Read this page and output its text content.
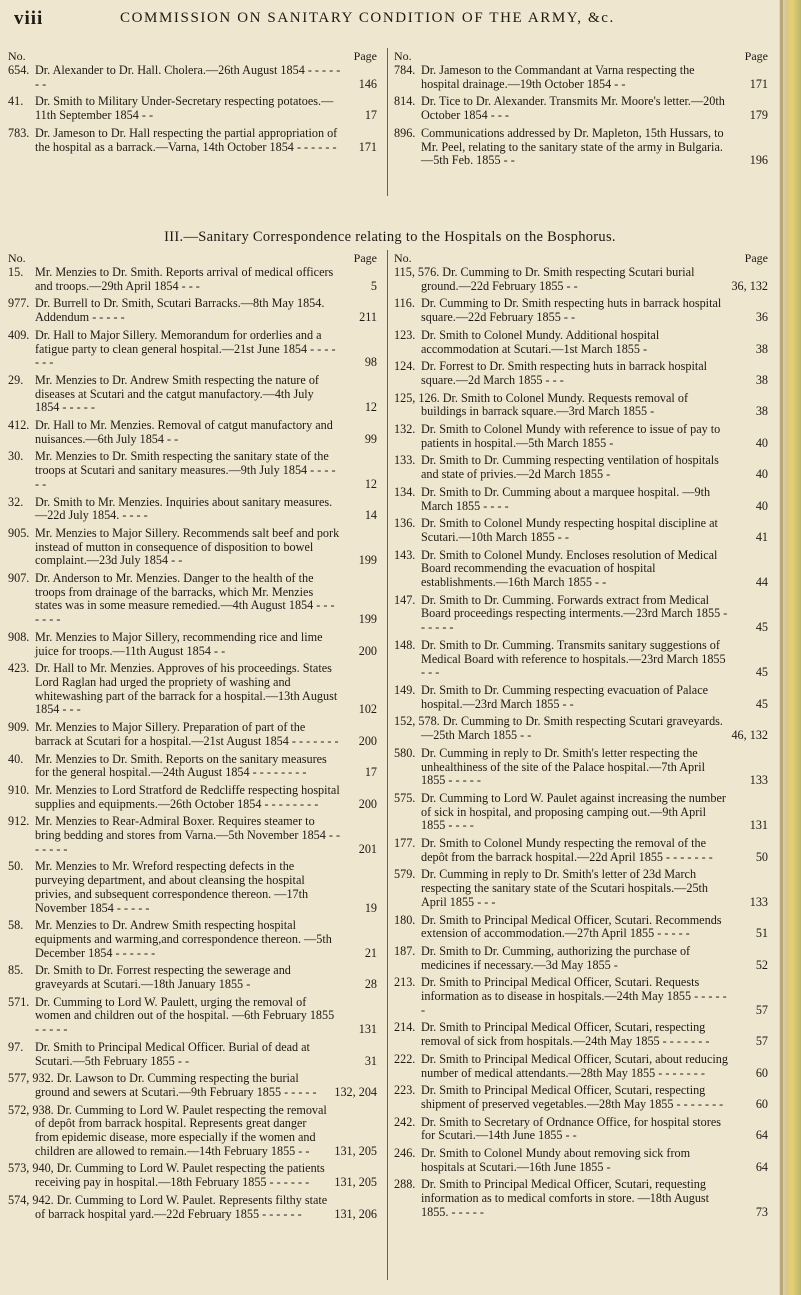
viii	COMMISSION ON SANITARY CONDITION OF THE ARMY, &c.
No.	Page
654. Dr. Alexander to Dr. Hall. Cholera.—26th August 1854 - - - - - - -	146
41. Dr. Smith to Military Under-Secretary respecting potatoes.—11th September 1854 - -	17
783. Dr. Jameson to Dr. Hall respecting the partial appropriation of the hospital as a barrack.—Varna, 14th October 1854 - - - - - -	171
No.	Page
784. Dr. Jameson to the Commandant at Varna respecting the hospital drainage.—19th October 1854 - -	171
814. Dr. Tice to Dr. Alexander. Transmits Mr. Moore's letter.—20th October 1854 - - -	179
896. Communications addressed by Dr. Mapleton, 15th Hussars, to Mr. Peel, relating to the sanitary state of the army in Bulgaria.—5th Feb. 1855 - -	196
III.—Sanitary Correspondence relating to the Hospitals on the Bosphorus.
No.	Page
15. Mr. Menzies to Dr. Smith. Reports arrival of medical officers and troops.—29th April 1854 - - -	5
977. Dr. Burrell to Dr. Smith, Scutari Barracks.—8th May 1854. Addendum - - - - -	211
409. Dr. Hall to Major Sillery. Memorandum for orderlies and a fatigue party to clean general hospital.—21st June 1854 - - - - - - -	98
29. Mr. Menzies to Dr. Andrew Smith respecting the nature of diseases at Scutari and the catgut manufactory.—4th July 1854 - - - - -	12
412. Dr. Hall to Mr. Menzies. Removal of catgut manufactory and nuisances.—6th July 1854 - -	99
30. Mr. Menzies to Dr. Smith respecting the sanitary state of the troops at Scutari and sanitary measures.—9th July 1854 - - - - - -	12
32. Dr. Smith to Mr. Menzies. Inquiries about sanitary measures.—22d July 1854. - - - -	14
905. Mr. Menzies to Major Sillery. Recommends salt beef and pork instead of mutton in consequence of disposition to bowel complaint.—23d July 1854 - -	199
907. Dr. Anderson to Mr. Menzies. Danger to the health of the troops from drainage of the barracks, which Mr. Menzies states was in some measure remedied.—4th August 1854 - - - - - - -	199
908. Mr. Menzies to Major Sillery, recommending rice and lime juice for troops.—11th August 1854 - -	200
423. Dr. Hall to Mr. Menzies. Approves of his proceedings. States Lord Raglan had urged the propriety of washing and whitewashing part of the barrack for a hospital.—13th August 1854 - - -	102
909. Mr. Menzies to Major Sillery. Preparation of part of the barrack at Scutari for a hospital.—21st August 1854 - - - - - - -	200
40. Mr. Menzies to Dr. Smith. Reports on the sanitary measures for the general hospital.—24th August 1854 - - - - - - - -	17
910. Mr. Menzies to Lord Stratford de Redcliffe respecting hospital supplies and equipments.—26th October 1854 - - - - - - - -	200
912. Mr. Menzies to Rear-Admiral Boxer. Requires steamer to bring bedding and stores from Varna.—5th November 1854 - - - - - - -	201
50. Mr. Menzies to Mr. Wreford respecting defects in the purveying department, and about cleansing the hospital privies, and subsequent correspondence thereon. —17th November 1854 - - - - -	19
58. Mr. Menzies to Dr. Andrew Smith respecting hospital equipments and warming,and correspondence thereon. —5th December 1854 - - - - - -	21
85. Dr. Smith to Dr. Forrest respecting the sewerage and graveyards at Scutari.—18th January 1855 -	28
571. Dr. Cumming to Lord W. Paulett, urging the removal of women and children out of the hospital. —6th February 1855 - - - - -	131
97. Dr. Smith to Principal Medical Officer. Burial of dead at Scutari.—5th February 1855 - -	31
577, 932. Dr. Lawson to Dr. Cumming respecting the burial ground and sewers at Scutari.—9th February 1855 - - - - -	132, 204
572, 938. Dr. Cumming to Lord W. Paulet respecting the removal of depôt from barrack hospital. Represents great danger from epidemic disease, more especially if the women and children are allowed to remain.—14th February 1855 - -	131, 205
573, 940, Dr. Cumming to Lord W. Paulet respecting the patients receiving pay in hospital.—18th February 1855 - - - - - -	131, 205
574, 942. Dr. Cumming to Lord W. Paulet. Represents filthy state of barrack hospital yard.—22d February 1855 - - - - - -	131, 206
No.	Page
115, 576. Dr. Cumming to Dr. Smith respecting Scutari burial ground.—22d February 1855 - -	36, 132
116. Dr. Cumming to Dr. Smith respecting huts in barrack hospital square.—22d February 1855 - -	36
123. Dr. Smith to Colonel Mundy. Additional hospital accommodation at Scutari.—1st March 1855 -	38
124. Dr. Forrest to Dr. Smith respecting huts in barrack hospital square.—2d March 1855 - - -	38
125, 126. Dr. Smith to Colonel Mundy. Requests removal of buildings in barrack square.—3rd March 1855 -	38
132. Dr. Smith to Colonel Mundy with reference to issue of pay to patients in hospital.—5th March 1855 -	40
133. Dr. Smith to Dr. Cumming respecting ventilation of hospitals and state of privies.—2d March 1855 -	40
134. Dr. Smith to Dr. Cumming about a marquee hospital. —9th March 1855 - - - -	40
136. Dr. Smith to Colonel Mundy respecting hospital discipline at Scutari.—10th March 1855 - -	41
143. Dr. Smith to Colonel Mundy. Encloses resolution of Medical Board recommending the evacuation of hospital establishments.—16th March 1855 - -	44
147. Dr. Smith to Dr. Cumming. Forwards extract from Medical Board proceedings respecting interments.—23rd March 1855 - - - - - -	45
148. Dr. Smith to Dr. Cumming. Transmits sanitary suggestions of Medical Board with reference to hospitals.—23rd March 1855 - - -	45
149. Dr. Smith to Dr. Cumming respecting evacuation of Palace hospital.—23rd March 1855 - -	45
152, 578. Dr. Cumming to Dr. Smith respecting Scutari graveyards.—25th March 1855 - -	46, 132
580. Dr. Cumming in reply to Dr. Smith's letter respecting the unhealthiness of the site of the Palace hospital.—7th April 1855 - - - - -	133
575. Dr. Cumming to Lord W. Paulet against increasing the number of sick in hospital, and proposing camping out.—9th April 1855 - - - -	131
177. Dr. Smith to Colonel Mundy respecting the removal of the depôt from the barrack hospital.—22d April 1855 - - - - - - -	50
579. Dr. Cumming in reply to Dr. Smith's letter of 23d March respecting the sanitary state of the Scutari hospitals.—25th April 1855 - - -	133
180. Dr. Smith to Principal Medical Officer, Scutari. Recommends extension of accommodation.—27th April 1855 - - - - -	51
187. Dr. Smith to Dr. Cumming, authorizing the purchase of medicines if necessary.—3d May 1855 -	52
213. Dr. Smith to Principal Medical Officer, Scutari. Requests information as to disease in hospitals.—24th May 1855 - - - - - -	57
214. Dr. Smith to Principal Medical Officer, Scutari, respecting removal of sick from hospitals.—24th May 1855 - - - - - - -	57
222. Dr. Smith to Principal Medical Officer, Scutari, about reducing number of medical attendants.—28th May 1855 - - - - - - -	60
223. Dr. Smith to Principal Medical Officer, Scutari, respecting shipment of preserved vegetables.—28th May 1855 - - - - - - -	60
242. Dr. Smith to Secretary of Ordnance Office, for hospital stores for Scutari.—14th June 1855 - -	64
246. Dr. Smith to Colonel Mundy about removing sick from hospitals at Scutari.—16th June 1855 -	64
288. Dr. Smith to Principal Medical Officer, Scutari, requesting information as to medical comforts in store. —18th August 1855. - - - - -	73
